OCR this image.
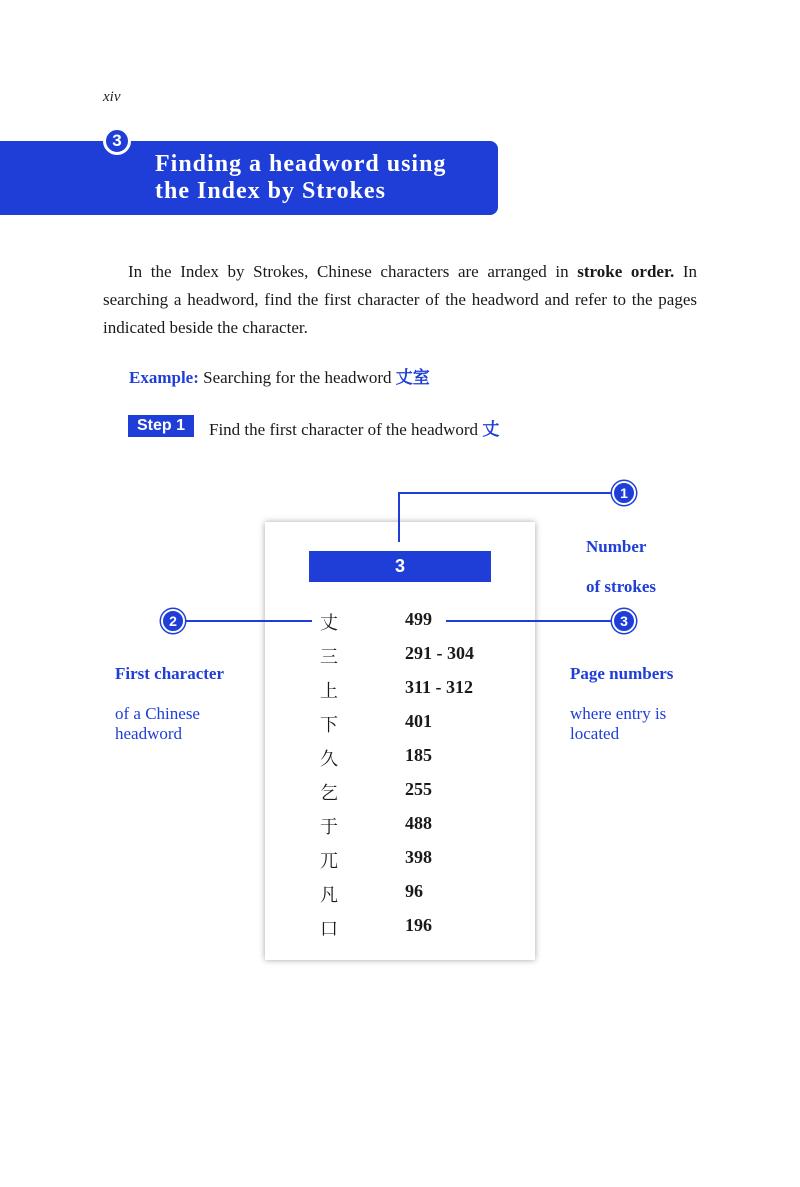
xiv
Finding a headword using
the Index by Strokes
3

In the Index by Strokes, Chinese characters are arranged in stroke order. In searching a headword, find the first character of the headword and refer to the pages indicated beside the character.

Example: Searching for the headword 丈室
Step 1	Find the first character of the headword 丈
3
丈	499
三	291 - 304
上	311 - 312
下	401
久	185
乞	255
于	488
兀	398
凡	96
口	196
1

Number

of strokes

2

First character

of a Chinese
headword

3

Page numbers

where entry is
located
